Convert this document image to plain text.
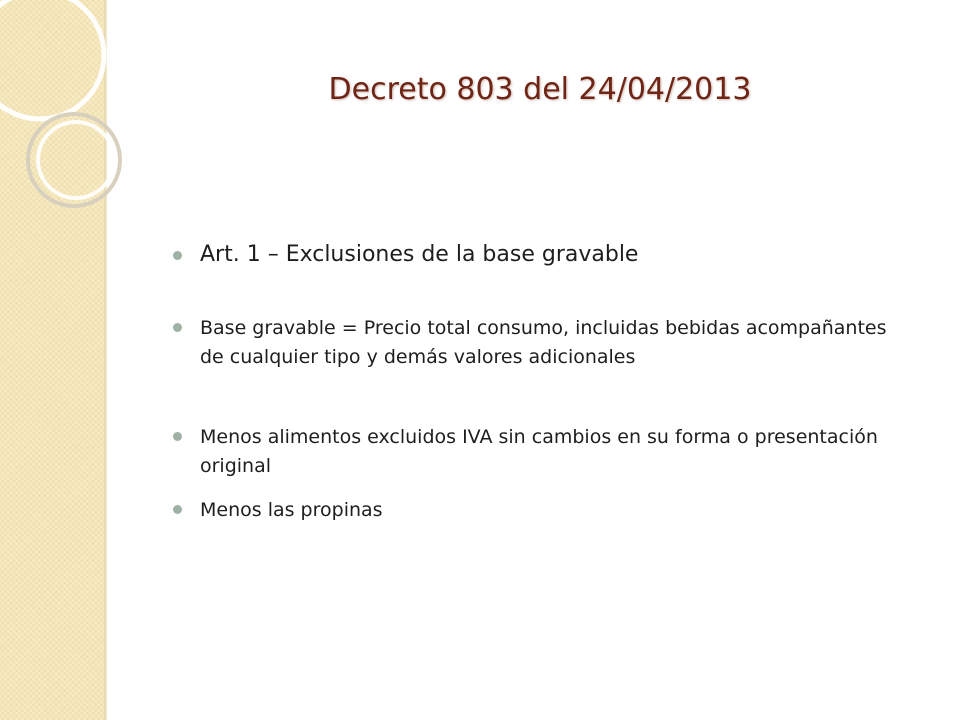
Decreto 803 del 24/04/2013
Art. 1 – Exclusiones de la base gravable
Base gravable = Precio total consumo, incluidas bebidas acompañantes de cualquier tipo y demás valores adicionales
Menos alimentos excluidos IVA sin cambios en su forma o presentación original
Menos las propinas
